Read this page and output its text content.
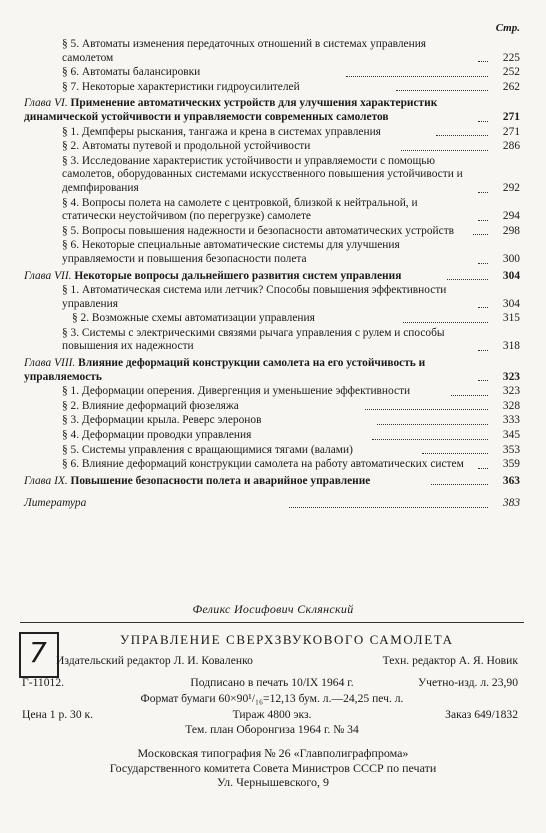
Стр.
§ 5. Автоматы изменения передаточных отношений в системах управления самолетом	225
§ 6. Автоматы балансировки	252
§ 7. Некоторые характеристики гидроусилителей	262
Глава VI. Применение автоматических устройств для улучшения характеристик динамической устойчивости и управляемости современных самолетов	271
§ 1. Демпферы рыскания, тангажа и крена в системах управления	271
§ 2. Автоматы путевой и продольной устойчивости	286
§ 3. Исследование характеристик устойчивости и управляемости с помощью самолетов, оборудованных системами искусственного повышения устойчивости и демпфирования	292
§ 4. Вопросы полета на самолете с центровкой, близкой к нейтральной, и статически неустойчивом (по перегрузке) самолете	294
§ 5. Вопросы повышения надежности и безопасности автоматических устройств	298
§ 6. Некоторые специальные автоматические системы для улучшения управляемости и повышения безопасности полета	300
Глава VII. Некоторые вопросы дальнейшего развития систем управления	304
§ 1. Автоматическая система или летчик? Способы повышения эффективности управления	304
§ 2. Возможные схемы автоматизации управления	315
§ 3. Системы с электрическими связями рычага управления с рулем и способы повышения их надежности	318
Глава VIII. Влияние деформаций конструкции самолета на его устойчивость и управляемость	323
§ 1. Деформации оперения. Дивергенция и уменьшение эффективности	323
§ 2. Влияние деформаций фюзеляжа	328
§ 3. Деформации крыла. Реверс элеронов	333
§ 4. Деформации проводки управления	345
§ 5. Системы управления с вращающимися тягами (валами)	353
§ 6. Влияние деформаций конструкции самолета на работу автоматических систем	359
Глава IX. Повышение безопасности полета и аварийное управление	363
Литература	383
Феликс Иосифович Склянский
7	УПРАВЛЕНИЕ СВЕРХЗВУКОВОГО САМОЛЕТА
Издательский редактор Л. И. Коваленко	Техн. редактор А. Я. Новик
Г-11012.	Подписано в печать 10/IX 1964 г.	Учетно-изд. л. 23,90
Формат бумаги 60×90¹/₁₆=12,13 бум. л.—24,25 печ. л.
Цена 1 р. 30 к.	Тираж 4800 экз.	Заказ 649/1832
Тем. план Оборонгиза 1964 г. № 34
Московская типография № 26 «Главполиграфпрома»
Государственного комитета Совета Министров СССР по печати
Ул. Чернышевского, 9
